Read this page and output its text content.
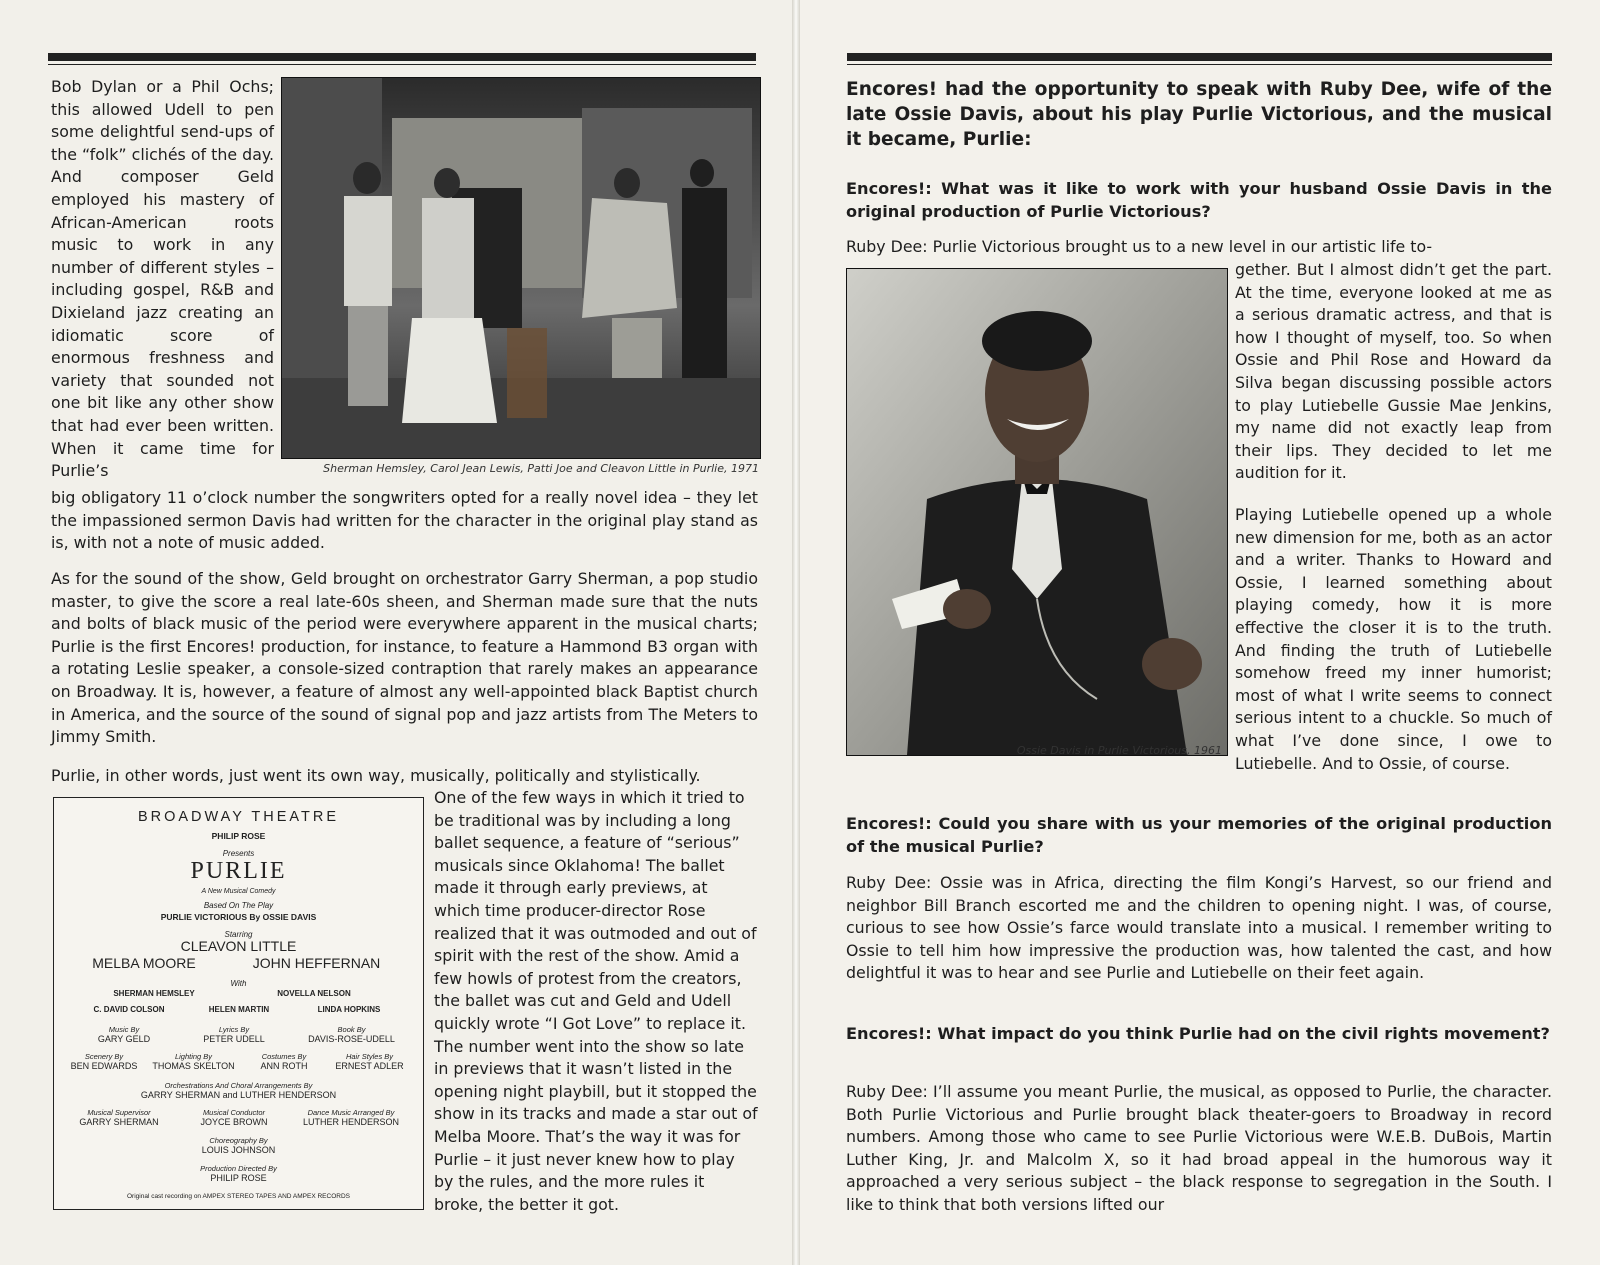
Sherman Hemsley, Carol Jean Lewis, Patti Joe and Cleavon Little in Purlie, 1971

Bob Dylan or a Phil Ochs; this allowed Udell to pen some delightful send-ups of the “folk” clichés of the day. And composer Geld employed his mastery of African-American roots music to work in any number of different styles – including gospel, R&B and Dixieland jazz creating an idiomatic score of enormous freshness and variety that sounded not one bit like any other show that had ever been written. When it came time for Purlie’s

big obligatory 11 o’clock number the songwriters opted for a really novel idea – they let the impassioned sermon Davis had written for the character in the original play stand as is, with not a note of music added.

As for the sound of the show, Geld brought on orchestrator Garry Sherman, a pop studio master, to give the score a real late-60s sheen, and Sherman made sure that the nuts and bolts of black music of the period were everywhere apparent in the musical charts; Purlie is the first Encores! production, for instance, to feature a Hammond B3 organ with a rotating Leslie speaker, a console-sized contraption that rarely makes an appearance on Broadway. It is, however, a feature of almost any well-appointed black Baptist church in America, and the source of the sound of signal pop and jazz artists from The Meters to Jimmy Smith.

Purlie, in other words, just went its own way, musically, politically and stylistically.

One of the few ways in which it tried to be traditional was by including a long ballet sequence, a feature of “serious” musicals since Oklahoma! The ballet made it through early previews, at which time producer-director Rose realized that it was outmoded and out of spirit with the rest of the show. Amid a few howls of protest from the creators, the ballet was cut and Geld and Udell quickly wrote “I Got Love” to replace it. The number went into the show so late in previews that it wasn’t listed in the opening night playbill, but it stopped the show in its tracks and made a star out of Melba Moore. That’s the way it was for Purlie – it just never knew how to play by the rules, and the more rules it broke, the better it got.

BROADWAY THEATRE
PHILIP ROSE
Presents
PURLIE
A New Musical Comedy
Based On The Play
PURLIE VICTORIOUS By OSSIE DAVIS
Starring
CLEAVON LITTLE
MELBA MOORE	JOHN HEFFERNAN
With
SHERMAN HEMSLEY	NOVELLA NELSON
C. DAVID COLSON	HELEN MARTIN	LINDA HOPKINS
Music By
GARY GELD
Lyrics By
PETER UDELL
Book By
DAVIS-ROSE-UDELL
Scenery By
BEN EDWARDS
Lighting By
THOMAS SKELTON
Costumes By
ANN ROTH
Hair Styles By
ERNEST ADLER
Orchestrations And Choral Arrangements By
GARRY SHERMAN and LUTHER HENDERSON
Musical Supervisor
GARRY SHERMAN
Musical Conductor
JOYCE BROWN
Dance Music Arranged By
LUTHER HENDERSON
Choreography By
LOUIS JOHNSON
Production Directed By
PHILIP ROSE
Original cast recording on AMPEX STEREO TAPES AND AMPEX RECORDS

Encores! had the opportunity to speak with Ruby Dee, wife of the late Ossie Davis, about his play Purlie Victorious, and the musical it became, Purlie:

Encores!: What was it like to work with your husband Ossie Davis in the original production of Purlie Victorious?

Ruby Dee: Purlie Victorious brought us to a new level in our artistic life to-

Ossie Davis in Purlie Victorious, 1961

gether. But I almost didn’t get the part. At the time, everyone looked at me as a serious dramatic actress, and that is how I thought of myself, too. So when Ossie and Phil Rose and Howard da Silva began discussing possible actors to play Lutiebelle Gussie Mae Jenkins, my name did not exactly leap from their lips. They decided to let me audition for it.

Playing Lutiebelle opened up a whole new dimension for me, both as an actor and a writer. Thanks to Howard and Ossie, I learned something about playing comedy, how it is more effective the closer it is to the truth. And finding the truth of Lutiebelle somehow freed my inner humorist; most of what I write seems to connect serious intent to a chuckle. So much of what I’ve done since, I owe to Lutiebelle. And to Ossie, of course.

Encores!: Could you share with us your memories of the original production of the musical Purlie?

Ruby Dee: Ossie was in Africa, directing the film Kongi’s Harvest, so our friend and neighbor Bill Branch escorted me and the children to opening night. I was, of course, curious to see how Ossie’s farce would translate into a musical. I remember writing to Ossie to tell him how impressive the production was, how talented the cast, and how delightful it was to hear and see Purlie and Lutiebelle on their feet again.

Encores!: What impact do you think Purlie had on the civil rights movement?

Ruby Dee: I’ll assume you meant Purlie, the musical, as opposed to Purlie, the character. Both Purlie Victorious and Purlie brought black theater-goers to Broadway in record numbers. Among those who came to see Purlie Victorious were W.E.B. DuBois, Martin Luther King, Jr. and Malcolm X, so it had broad appeal in the humorous way it approached a very serious subject – the black response to segregation in the South. I like to think that both versions lifted our
